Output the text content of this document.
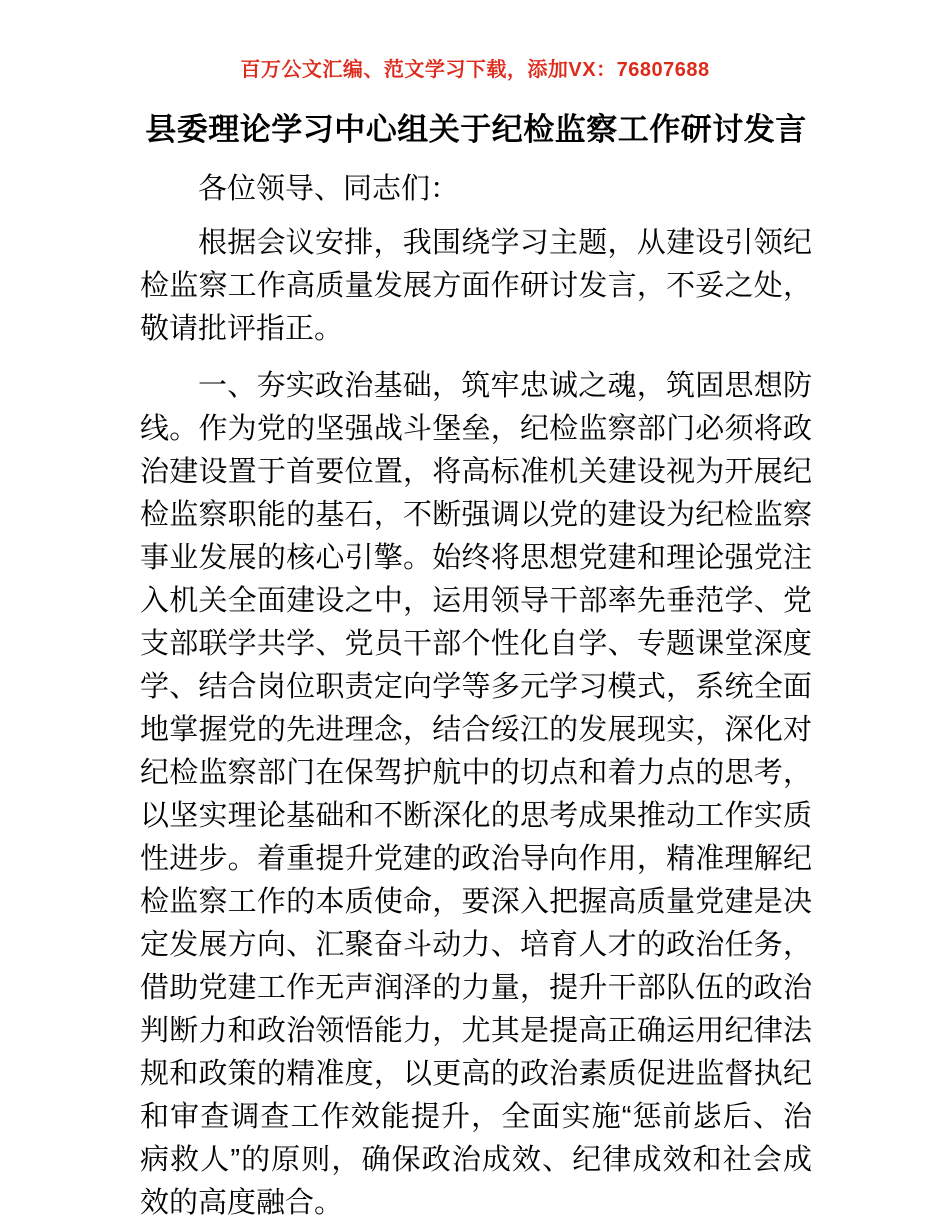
百万公文汇编、范文学习下载，添加VX：76807688
县委理论学习中心组关于纪检监察工作研讨发言

各位领导、同志们：

根据会议安排，我围绕学习主题，从建设引领纪检监察工作高质量发展方面作研讨发言，不妥之处，敬请批评指正。

一、夯实政治基础，筑牢忠诚之魂，筑固思想防线。作为党的坚强战斗堡垒，纪检监察部门必须将政治建设置于首要位置，将高标准机关建设视为开展纪检监察职能的基石，不断强调以党的建设为纪检监察事业发展的核心引擎。始终将思想党建和理论强党注入机关全面建设之中，运用领导干部率先垂范学、党支部联学共学、党员干部个性化自学、专题课堂深度学、结合岗位职责定向学等多元学习模式，系统全面地掌握党的先进理念，结合绥江的发展现实，深化对纪检监察部门在保驾护航中的切点和着力点的思考，以坚实理论基础和不断深化的思考成果推动工作实质性进步。着重提升党建的政治导向作用，精准理解纪检监察工作的本质使命，要深入把握高质量党建是决定发展方向、汇聚奋斗动力、培育人才的政治任务，借助党建工作无声润泽的力量，提升干部队伍的政治判断力和政治领悟能力，尤其是提高正确运用纪律法规和政策的精准度，以更高的政治素质促进监督执纪和审查调查工作效能提升，全面实施“惩前毖后、治病救人”的原则，确保政治成效、纪律成效和社会成效的高度融合。
